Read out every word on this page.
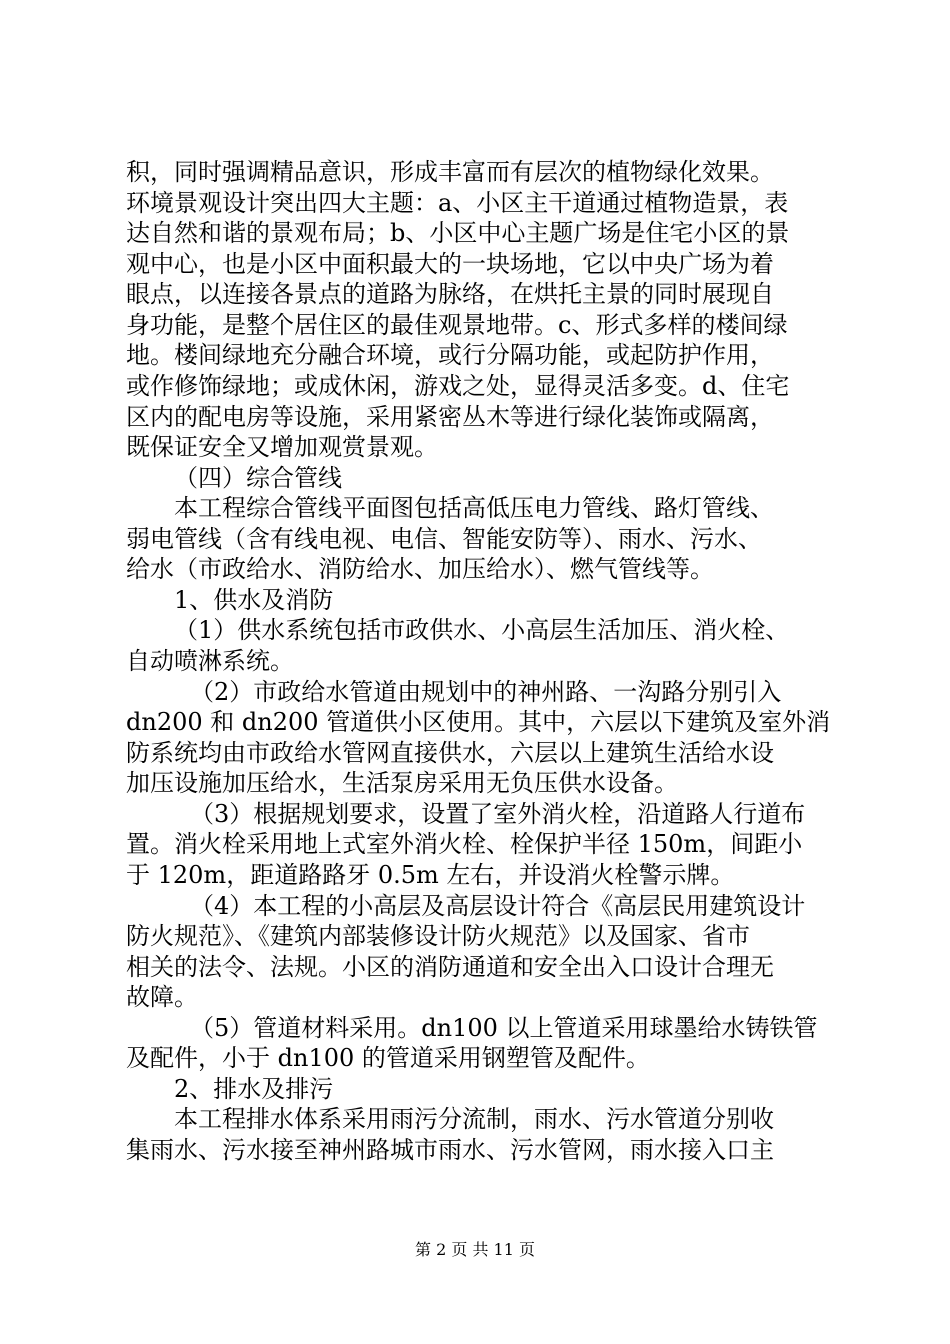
积，同时强调精品意识，形成丰富而有层次的植物绿化效果。
环境景观设计突出四大主题：a、小区主干道通过植物造景，表
达自然和谐的景观布局；b、小区中心主题广场是住宅小区的景
观中心，也是小区中面积最大的一块场地，它以中央广场为着
眼点，以连接各景点的道路为脉络，在烘托主景的同时展现自
身功能，是整个居住区的最佳观景地带。c、形式多样的楼间绿
地。楼间绿地充分融合环境，或行分隔功能，或起防护作用，
或作修饰绿地；或成休闲，游戏之处，显得灵活多变。d、住宅
区内的配电房等设施，采用紧密丛木等进行绿化装饰或隔离，
既保证安全又增加观赏景观。
（四）综合管线
本工程综合管线平面图包括高低压电力管线、路灯管线、
弱电管线（含有线电视、电信、智能安防等）、雨水、污水、
给水（市政给水、消防给水、加压给水）、燃气管线等。
1、供水及消防
（1）供水系统包括市政供水、小高层生活加压、消火栓、
自动喷淋系统。
（2）市政给水管道由规划中的神州路、一沟路分别引入
dn200 和 dn200 管道供小区使用。其中，六层以下建筑及室外消
防系统均由市政给水管网直接供水，六层以上建筑生活给水设
加压设施加压给水，生活泵房采用无负压供水设备。
（3）根据规划要求，设置了室外消火栓，沿道路人行道布
置。消火栓采用地上式室外消火栓、栓保护半径 150m，间距小
于 120m，距道路路牙 0.5m 左右，并设消火栓警示牌。
（4）本工程的小高层及高层设计符合《高层民用建筑设计
防火规范》、《建筑内部装修设计防火规范》以及国家、省市
相关的法令、法规。小区的消防通道和安全出入口设计合理无
故障。
（5）管道材料采用。dn100 以上管道采用球墨给水铸铁管
及配件，小于 dn100 的管道采用钢塑管及配件。
2、排水及排污
本工程排水体系采用雨污分流制，雨水、污水管道分别收
集雨水、污水接至神州路城市雨水、污水管网，雨水接入口主
第 2 页 共 11 页
